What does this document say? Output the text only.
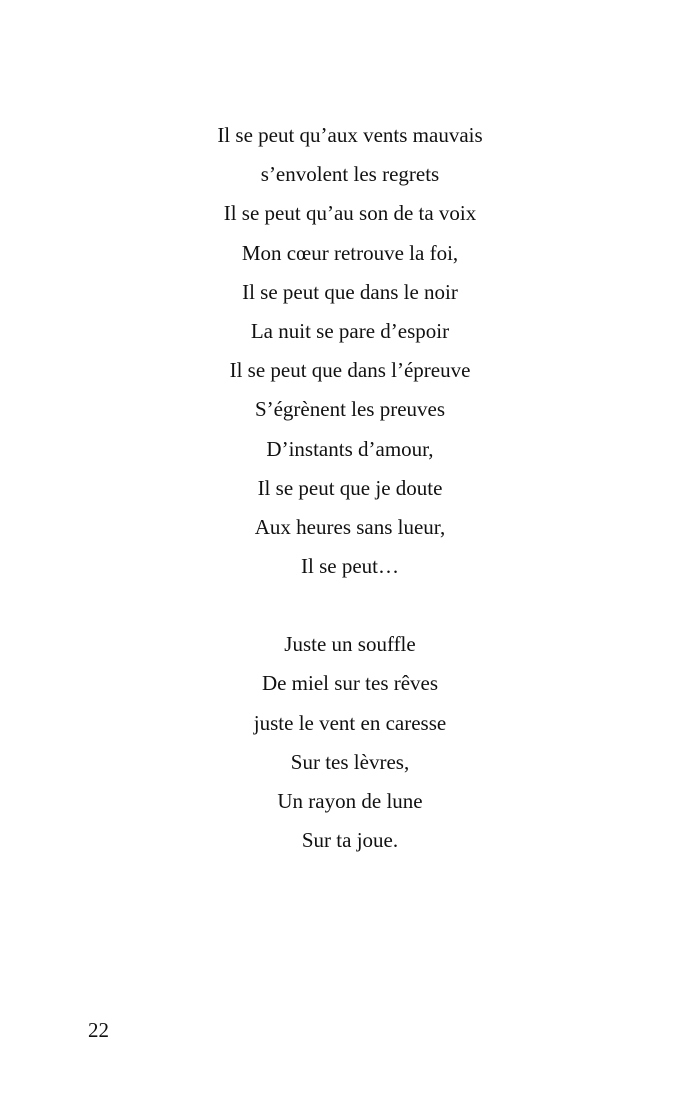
Il se peut qu’aux vents mauvais
s’envolent les regrets
Il se peut qu’au son de ta voix
Mon cœur retrouve la foi,
Il se peut que dans le noir
La nuit se pare d’espoir
Il se peut que dans l’épreuve
S’égrènent les preuves
D’instants d’amour,
Il se peut que je doute
Aux heures sans lueur,
Il se peut…
Juste un souffle
De miel sur tes rêves
juste le vent en caresse
Sur tes lèvres,
Un rayon de lune
Sur ta joue.
22
